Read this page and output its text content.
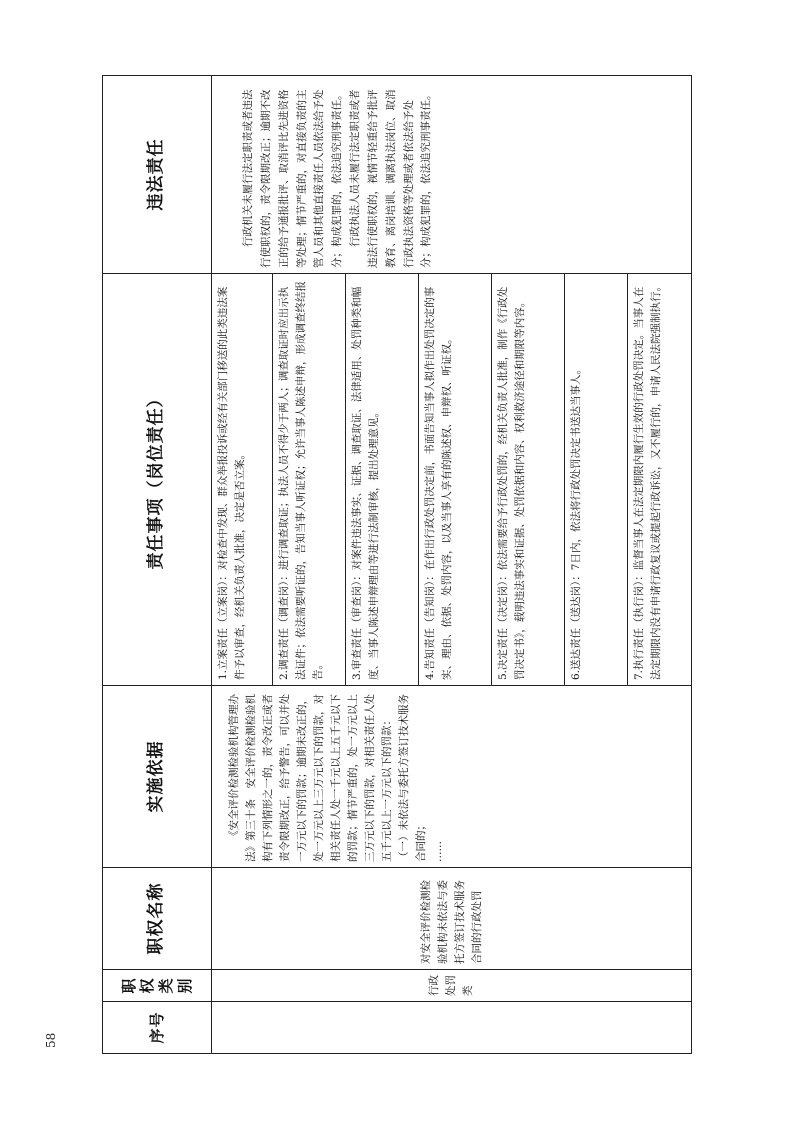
序号	职权类别	职权名称	实施依据	责任事项（岗位责任）	违法责任
	行政处罚类	对安全评价检测检验机构未依法与委托方签订技术服务合同的行政处罚	《安全评价检测检验机构管理办法》第三十条　安全评价检测检验机构有下列情形之一的，责令改正或者责令限期改正，给予警告，可以并处一万元以下的罚款；逾期未改正的，处一万元以上三万元以下的罚款，对相关责任人处一千元以上五千元以下的罚款；情节严重的，处一万元以上三万元以下的罚款，对相关责任人处五千元以上一万元以下的罚款： （一）未依法与委托方签订技术服务合同的； ……	1.立案责任（立案岗）：对检查中发现、群众举报投诉或经有关部门移送的此类违法案件予以审查，经机关负责人批准，决定是否立案。	行政机关未履行法定职责或者违法行使职权的，责令限期改正；逾期不改正的给予通报批评、取消评比先进资格等处理；情节严重的，对直接负责的主管人员和其他直接责任人员依法给予处分；构成犯罪的，依法追究刑事责任。 行政执法人员未履行法定职责或者违法行使职权的，视情节轻重给予批评教育、离岗培训、调离执法岗位、取消行政执法资格等处理或者依法给予处分；构成犯罪的，依法追究刑事责任。

				2.调查责任（调查岗）：进行调查取证；执法人员不得少于两人；调查取证时应出示执法证件；依法需要听证的，告知当事人听证权；允许当事人陈述申辩，形成调查终结报告。	
				3.审查责任（审查岗）：对案件违法事实、证据、调查取证、法律适用、处罚种类和幅度、当事人陈述申辩理由等进行法制审核，提出处理意见。	
				4.告知责任（告知岗）：在作出行政处罚决定前，书面告知当事人拟作出处罚决定的事实、理由、依据、处罚内容，以及当事人享有的陈述权、申辩权、听证权。	
				5.决定责任（决定岗）：依法需要给予行政处罚的，经机关负责人批准，制作《行政处罚决定书》，载明违法事实和证据、处罚依据和内容、权利救济途径和期限等内容。	
				6.送达责任（送达岗）：7日内，依法将行政处罚决定书送达当事人。	
				7.执行责任（执行岗）：监督当事人在法定期限内履行生效的行政处罚决定。当事人在法定期限内没有申请行政复议或提起行政诉讼，又不履行的，申请人民法院强制执行。	
58
